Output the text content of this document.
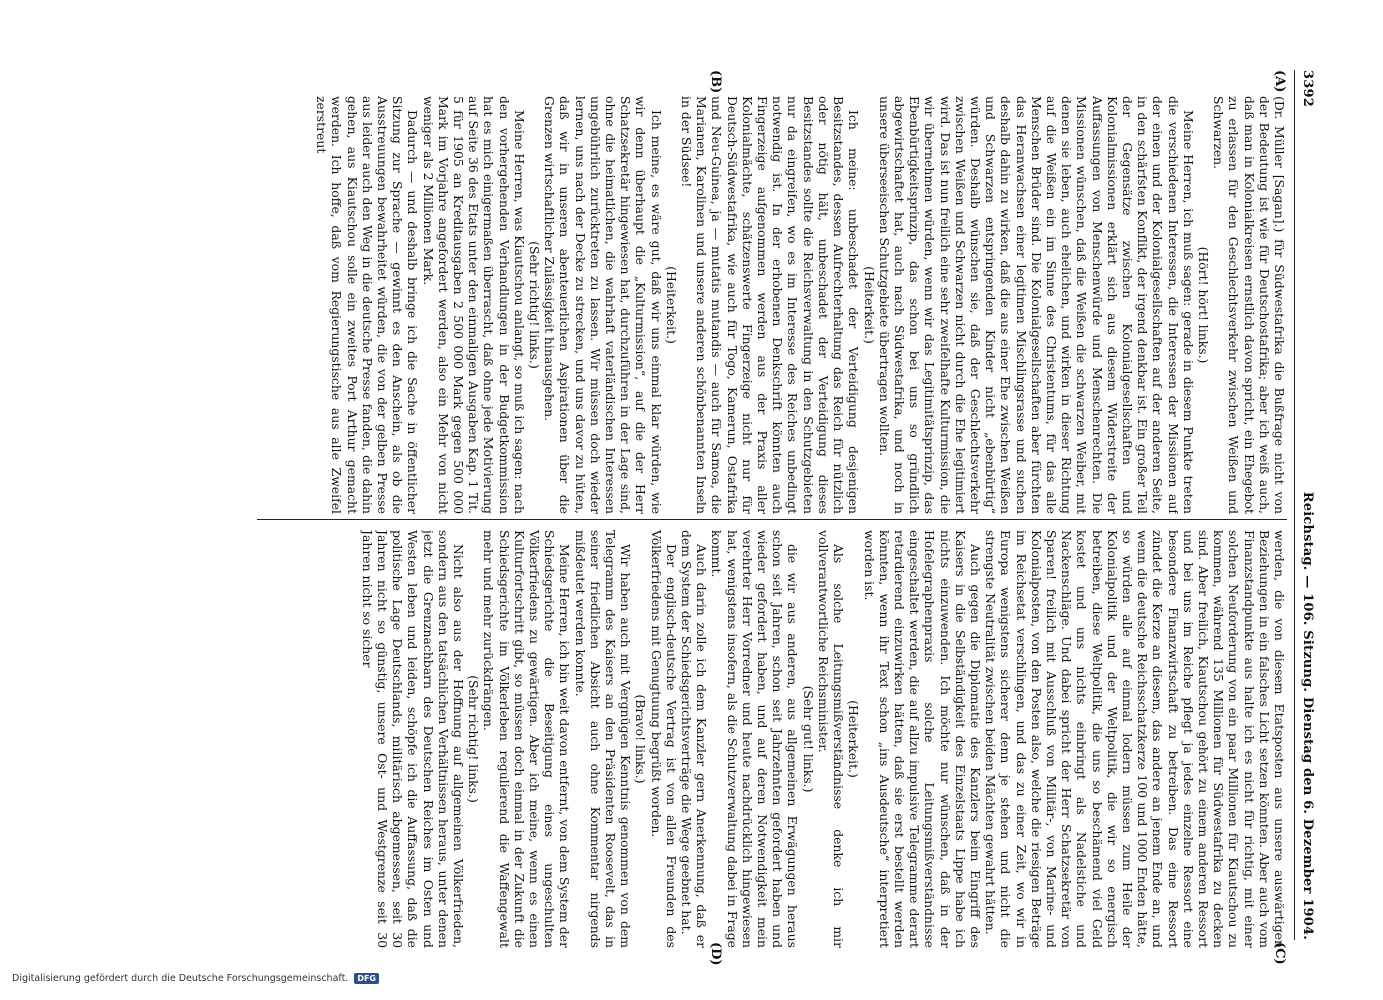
3392
Reichstag. — 106. Sitzung. Dienstag den 6. Dezember 1904.
(A)
(B)
(C)
(D)

(Dr. Müller [Sagan].) für Südwestafrika die Bußfrage nicht von der Bedeutung ist wie für Deutschostafrika; aber ich weiß auch, daß man in Kolonialkreisen ernstlich davon spricht, ein Ehegebot zu erlassen für den Geschlechtsverkehr zwischen Weißen und Schwarzen.

(Hört! hört! links.)

Meine Herren, ich muß sagen: gerade in diesem Punkte treten die verschiedenen Interessen, die Interessen der Missionen auf der einen und der Kolonialgesellschaften auf der anderen Seite, in den schärfsten Konflikt, der irgend denkbar ist. Ein großer Teil der Gegensätze zwischen Kolonialgesellschaften und Kolonialmissionen erklärt sich aus diesem Widerstreite der Auffassungen von Menschenwürde und Menschenrechten. Die Missionen wünschen, daß die Weißen die schwarzen Weiber, mit denen sie leben, auch ehelichen, und wirken in dieser Richtung auf die Weißen ein im Sinne des Christentums, für das alle Menschen Brüder sind. Die Kolonialgesellschaften aber fürchten das Heranwachsen einer legitimen Mischlingsrasse und suchen deshalb dahin zu wirken, daß die aus einer Ehe zwischen Weißen und Schwarzen entspringenden Kinder nicht „ebenbürtig“ würden. Deshalb wünschen sie, daß der Geschlechtsverkehr zwischen Weißen und Schwarzen nicht durch die Ehe legitimiert wird. Das ist nun freilich eine sehr zweifelhafte Kulturmission, die wir übernehmen würden, wenn wir das Legitimitätsprinzip, das Ebenbürtigkeitsprinzip, das schon bei uns so gründlich abgewirtschaftet hat, auch nach Südwestafrika, und noch in unsere überseeischen Schutzgebiete übertragen wollten.

(Heiterkeit.)

Ich meine: unbeschadet der Verteidigung desjenigen Besitzstandes, dessen Aufrechterhaltung das Reich für nützlich oder nötig hält, unbeschadet der Verteidigung dieses Besitzstandes sollte die Reichsverwaltung in den Schutzgebieten nur da eingreifen, wo es im Interesse des Reiches unbedingt notwendig ist. In der erhobenen Denkschrift könnten auch Fingerzeige aufgenommen werden aus der Praxis aller Kolonialmächte, schätzenswerte Fingerzeige nicht nur für Deutsch-Südwestafrika, wie auch für Togo, Kamerun, Ostafrika und Neu-Guinea, ja — mutatis mutandis — auch für Samoa, die Marianen, Karolinen und unsere anderen schönbenannten Inseln in der Südsee!

(Heiterkeit.)

Ich meine, es wäre gut, daß wir uns einmal klar würden, wie wir denn überhaupt die „Kulturmission“, auf die der Herr Schatzsekretär hingewiesen hat, durchzuführen in der Lage sind, ohne die heimatlichen, die wahrhaft vaterländischen Interessen ungebührlich zurücktreten zu lassen. Wir müssen doch wieder lernen, uns nach der Decke zu strecken, und uns davor zu hüten, daß wir in unseren abenteuerlichen Aspirationen über die Grenzen wirtschaftlicher Zulässigkeit hinausgehen.

(Sehr richtig! links.)

Meine Herren, was Kiautschou anlangt, so muß ich sagen: nach den vorhergehenden Verhandlungen in der Budgetkommission hat es mich einigermaßen überrascht, daß ohne jede Motivierung auf Seite 36 des Etats unter den einmaligen Ausgaben Kap. 1 Tit. 5 für 1905 an Kreditausgaben 2 500 000 Mark gegen 500 000 Mark im Vorjahre angefordert werden, also ein Mehr von nicht weniger als 2 Millionen Mark.

Dadurch — und deshalb bringe ich die Sache in öffentlicher Sitzung zur Sprache — gewinnt es den Anschein, als ob die Ausstreuungen bewahrheitet würden, die von der gelben Presse aus leider auch den Weg in die deutsche Presse fanden, die dahin gehen, aus Kiautschou solle ein zweites Port Arthur gemacht werden. Ich hoffe, daß vom Regierungstische aus alle Zweifel zerstreut

werden, die von diesem Etatsposten aus unsere auswärtigen Beziehungen in ein falsches Licht setzen könnten. Aber auch vom Finanzstandpunkte aus halte ich es nicht für richtig, mit einer solchen Neuforderung von ein paar Millionen für Kiautschou zu kommen, während 135 Millionen für Südwestafrika zu decken sind. Aber freilich, Kiautschou gehört zu einem anderen Ressort und bei uns im Reiche pflegt ja jedes einzelne Ressort eine besondere Finanzwirtschaft zu betreiben. Das eine Ressort zündet die Kerze an diesem, das andere an jenem Ende an, und wenn die deutsche Reichsschatzkerze 100 und 1000 Enden hätte, so würden alle auf einmal lodern müssen zum Heile der Kolonialpolitik und der Weltpolitik, die wir so energisch betreiben, diese Weltpolitik, die uns so beschämend viel Geld kostet und uns nichts einbringt als Nadelstiche und Nackenschläge. Und dabei spricht der Herr Schatzsekretär von Sparen! freilich mit Ausschluß von Militär-, von Marine- und Kolonialposten, von den Posten also, welche die riesigen Beträge im Reichsetat verschlingen, und das zu einer Zeit, wo wir in Europa wenigstens sicherer denn je stehen und nicht die strengste Neutralität zwischen beiden Mächten gewahrt hätten.

Auch gegen die Diplomatie des Kanzlers beim Eingriff des Kaisers in die Selbständigkeit des Einzelstaats Lippe habe ich nichts einzuwenden. Ich möchte nur wünschen, daß in der Hofelegraphenpraxis solche Leitungsmißverständnisse eingeschaltet werden, die auf allzu impulsive Telegramme derart retardierend einzuwirken hätten, daß sie erst bestellt werden könnten, wenn ihr Text schon „ins Ausdeutsche“ interpretiert worden ist.

(Heiterkeit.)

Als solche Leitungsmißverständnisse denke ich mir vollverantwortliche Reichsminister.

(Sehr gut! links.)

die wir aus anderen, aus allgemeinen Erwägungen heraus schon seit Jahren, schon seit Jahrzehnten gefordert haben und wieder gefordert haben, und auf deren Notwendigkeit mein verehrter Herr Vorredner und heute nachdrücklich hingewiesen hat, wenigstens insofern, als die Schutzverwaltung dabei in Frage kommt.

Auch darin zolle ich dem Kanzler gern Anerkennung, daß er dem System der Schiedsgerichtsverträge die Wege geebnet hat.

Der englisch-deutsche Vertrag ist von allen Freunden des Völkerfriedens mit Genugtuung begrüßt worden.

(Bravo! links.)

Wir haben auch mit Vergnügen Kenntnis genommen von dem Telegramm des Kaisers an den Präsidenten Roosevelt, das in seiner friedlichen Absicht auch ohne Kommentar nirgends mißdeutet werden konnte.

Meine Herren, ich bin weit davon entfernt, von dem System der Schiedsgerichte die Beseitigung eines ungeschulten Völkerfriedens zu gewärtigen. Aber ich meine, wenn es einen Kulturfortschritt gibt, so müssen doch einmal in der Zukunft die Schiedsgerichte im Völkerleben regulierend die Waffengewalt mehr und mehr zurückdrängen.

(Sehr richtig! links.)

Nicht also aus der Hoffnung auf allgemeinen Völkerfrieden, sondern aus den tatsächlichen Verhältnissen heraus, unter denen jetzt die Grenznachbarn des Deutschen Reiches im Osten und Westen leben und leiden, schöpfe ich die Auffassung, daß die politische Lage Deutschlands, militärisch abgemessen, seit 30 Jahren nicht so günstig, unsere Ost- und Westgrenze seit 30 Jahren nicht so sicher

Digitalisierung gefördert durch die Deutsche Forschungsgemeinschaft.	DFG
